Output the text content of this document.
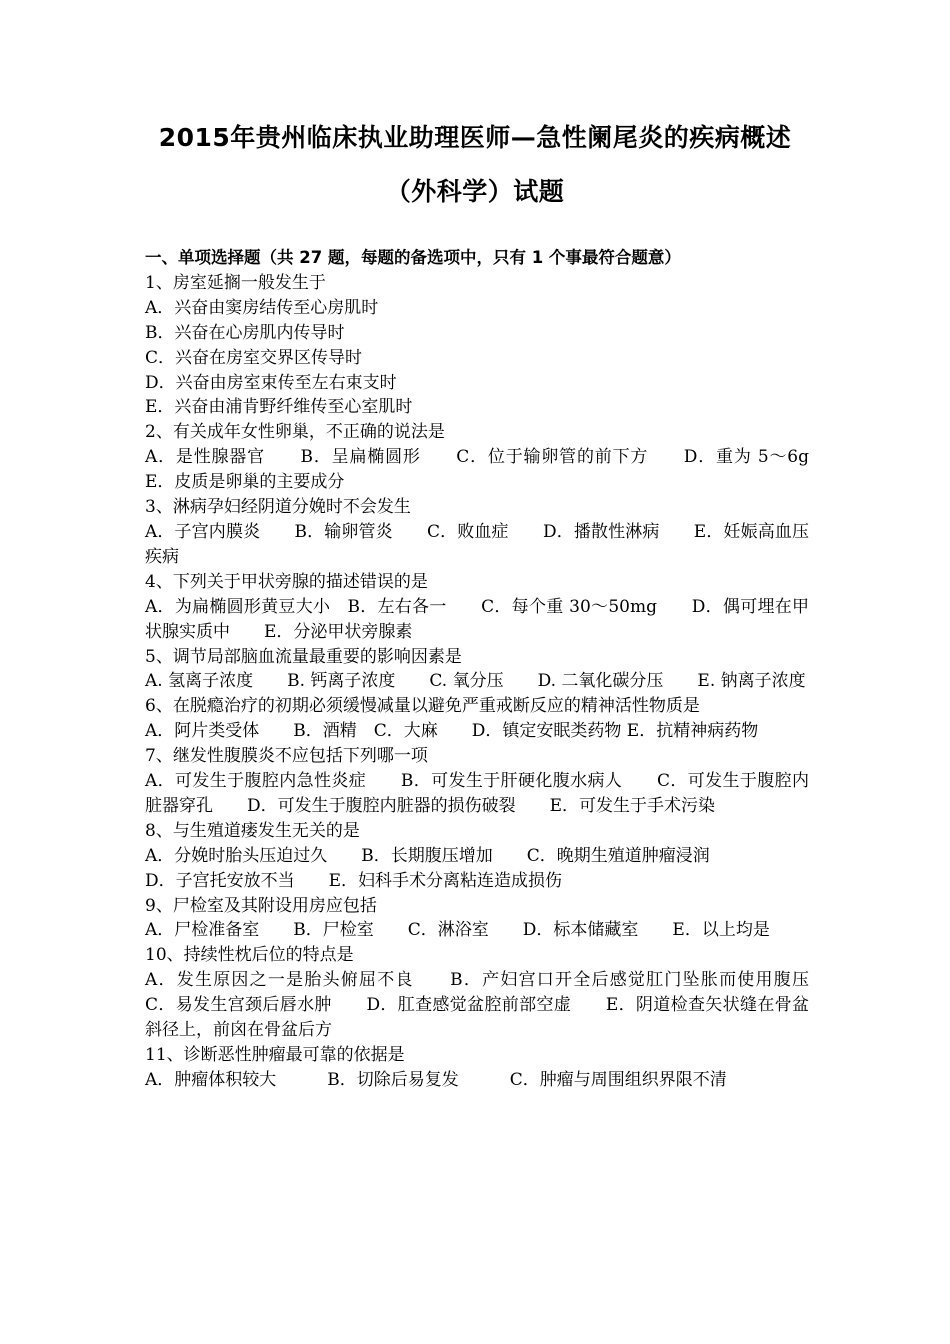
2015年贵州临床执业助理医师—急性阑尾炎的疾病概述
（外科学）试题
一、单项选择题（共 27 题，每题的备选项中，只有 1 个事最符合题意）
1、房室延搁一般发生于
A．兴奋由窦房结传至心房肌时
B．兴奋在心房肌内传导时
C．兴奋在房室交界区传导时
D．兴奋由房室束传至左右束支时
E．兴奋由浦肯野纤维传至心室肌时
2、有关成年女性卵巢，不正确的说法是
A．是性腺器官　　B．呈扁椭圆形　　C．位于输卵管的前下方　　D．重为 5～6g　　E．皮质是卵巢的主要成分
3、淋病孕妇经阴道分娩时不会发生
A．子宫内膜炎　　B．输卵管炎　　C．败血症　　D．播散性淋病　　E．妊娠高血压疾病
4、下列关于甲状旁腺的描述错误的是
A．为扁椭圆形黄豆大小　B．左右各一　　C．每个重 30～50mg　　D．偶可埋在甲状腺实质中　　E．分泌甲状旁腺素
5、调节局部脑血流量最重要的影响因素是
A. 氢离子浓度　　B. 钙离子浓度　　C. 氧分压　　D. 二氧化碳分压　　E. 钠离子浓度
6、在脱瘾治疗的初期必须缓慢减量以避免严重戒断反应的精神活性物质是
A．阿片类受体　　B．酒精　C．大麻　　D．镇定安眠类药物 E．抗精神病药物
7、继发性腹膜炎不应包括下列哪一项
A．可发生于腹腔内急性炎症　　B．可发生于肝硬化腹水病人　　C．可发生于腹腔内脏器穿孔　　D．可发生于腹腔内脏器的损伤破裂　　E．可发生于手术污染
8、与生殖道瘘发生无关的是
A．分娩时胎头压迫过久　　B．长期腹压增加　　C．晚期生殖道肿瘤浸润
D．子宫托安放不当　　E．妇科手术分离粘连造成损伤
9、尸检室及其附设用房应包括
A．尸检准备室　　B．尸检室　　C．淋浴室　　D．标本储藏室　　E．以上均是
10、持续性枕后位的特点是
A．发生原因之一是胎头俯屈不良　　B．产妇宫口开全后感觉肛门坠胀而使用腹压　　C．易发生宫颈后唇水肿　　D．肛查感觉盆腔前部空虚　　E．阴道检查矢状缝在骨盆斜径上，前囟在骨盆后方
11、诊断恶性肿瘤最可靠的依据是
A．肿瘤体积较大　　　B．切除后易复发　　　C．肿瘤与周围组织界限不清
